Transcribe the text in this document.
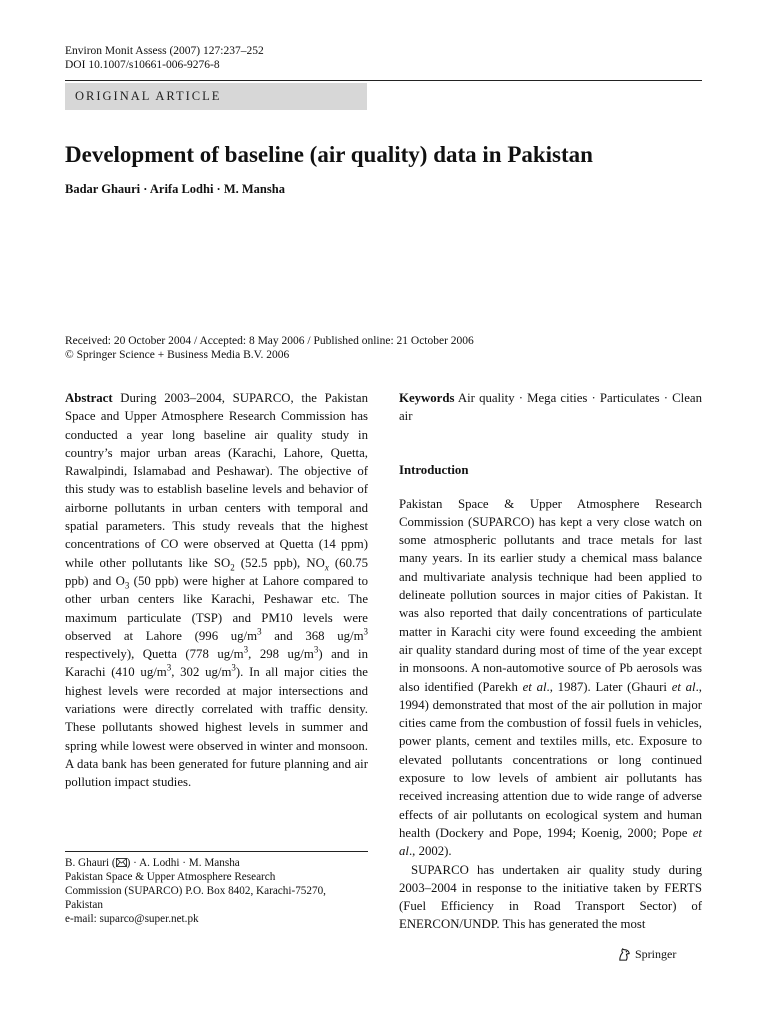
Environ Monit Assess (2007) 127:237–252
DOI 10.1007/s10661-006-9276-8
ORIGINAL ARTICLE
Development of baseline (air quality) data in Pakistan
Badar Ghauri · Arifa Lodhi · M. Mansha
Received: 20 October 2004 / Accepted: 8 May 2006 / Published online: 21 October 2006
© Springer Science + Business Media B.V. 2006

Abstract During 2003–2004, SUPARCO, the Pakistan Space and Upper Atmosphere Research Commission has conducted a year long baseline air quality study in country’s major urban areas (Karachi, Lahore, Quetta, Rawalpindi, Islamabad and Peshawar). The objective of this study was to establish baseline levels and behavior of airborne pollutants in urban centers with temporal and spatial parameters. This study reveals that the highest concentrations of CO were observed at Quetta (14 ppm) while other pollutants like $SO_2$ (52.5 ppb), $NO_x$ (60.75 ppb) and $O_3$ (50 ppb) were higher at Lahore compared to other urban centers like Karachi, Peshawar etc. The maximum particulate (TSP) and PM10 levels were observed at Lahore (996 $ug/m^3$ and 368 $ug/m^3$ respectively), Quetta (778 $ug/m^3$, 298 $ug/m^3$) and in Karachi (410 $ug/m^3$, 302 $ug/m^3$). In all major cities the highest levels were recorded at major intersections and variations were directly correlated with traffic density. These pollutants showed highest levels in summer and spring while lowest were observed in winter and monsoon. A data bank has been generated for future planning and air pollution impact studies.

Keywords Air quality · Mega cities · Particulates · Clean air

Introduction

Pakistan Space & Upper Atmosphere Research Commission (SUPARCO) has kept a very close watch on some atmospheric pollutants and trace metals for last many years. In its earlier study a chemical mass balance and multivariate analysis technique had been applied to delineate pollution sources in major cities of Pakistan. It was also reported that daily concentrations of particulate matter in Karachi city were found exceeding the ambient air quality standard during most of time of the year except in monsoons. A non-automotive source of Pb aerosols was also identified (Parekh et al., 1987). Later (Ghauri et al., 1994) demonstrated that most of the air pollution in major cities came from the combustion of fossil fuels in vehicles, power plants, cement and textiles mills, etc. Exposure to elevated pollutants concentrations or long continued exposure to low levels of ambient air pollutants has received increasing attention due to wide range of adverse effects of air pollutants on ecological system and human health (Dockery and Pope, 1994; Koenig, 2000; Pope et al., 2002).

SUPARCO has undertaken air quality study during 2003–2004 in response to the initiative taken by FERTS (Fuel Efficiency in Road Transport Sector) of ENERCON/UNDP. This has generated the most

B. Ghauri ( ) · A. Lodhi · M. Mansha
Pakistan Space & Upper Atmosphere Research
Commission (SUPARCO) P.O. Box 8402, Karachi-75270,
Pakistan
e-mail: suparco@super.net.pk
Springer
